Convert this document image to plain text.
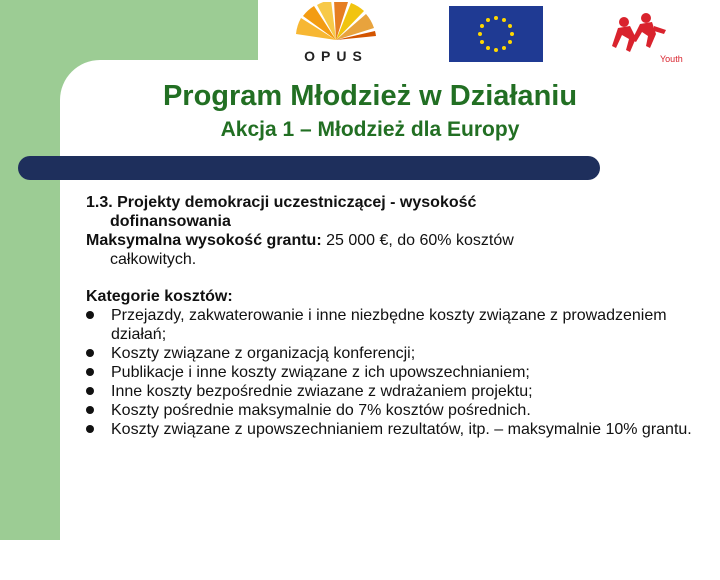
OPUS	Youth
Program Młodzież w Działaniu
Akcja 1 – Młodzież dla Europy

1.3. Projekty demokracji uczestniczącej - wysokość

dofinansowania

Maksymalna wysokość grantu: 25 000 €, do 60% kosztów

całkowitych.

Kategorie kosztów:

Przejazdy, zakwaterowanie i inne niezbędne koszty związane z prowadzeniem działań;
Koszty związane z organizacją konferencji;
Publikacje i inne koszty związane z ich upowszechnianiem;
Inne koszty bezpośrednie zwiazane z wdrażaniem projektu;
Koszty pośrednie maksymalnie do 7% kosztów pośrednich.
Koszty związane z upowszechnianiem rezultatów, itp. – maksymalnie 10% grantu.
